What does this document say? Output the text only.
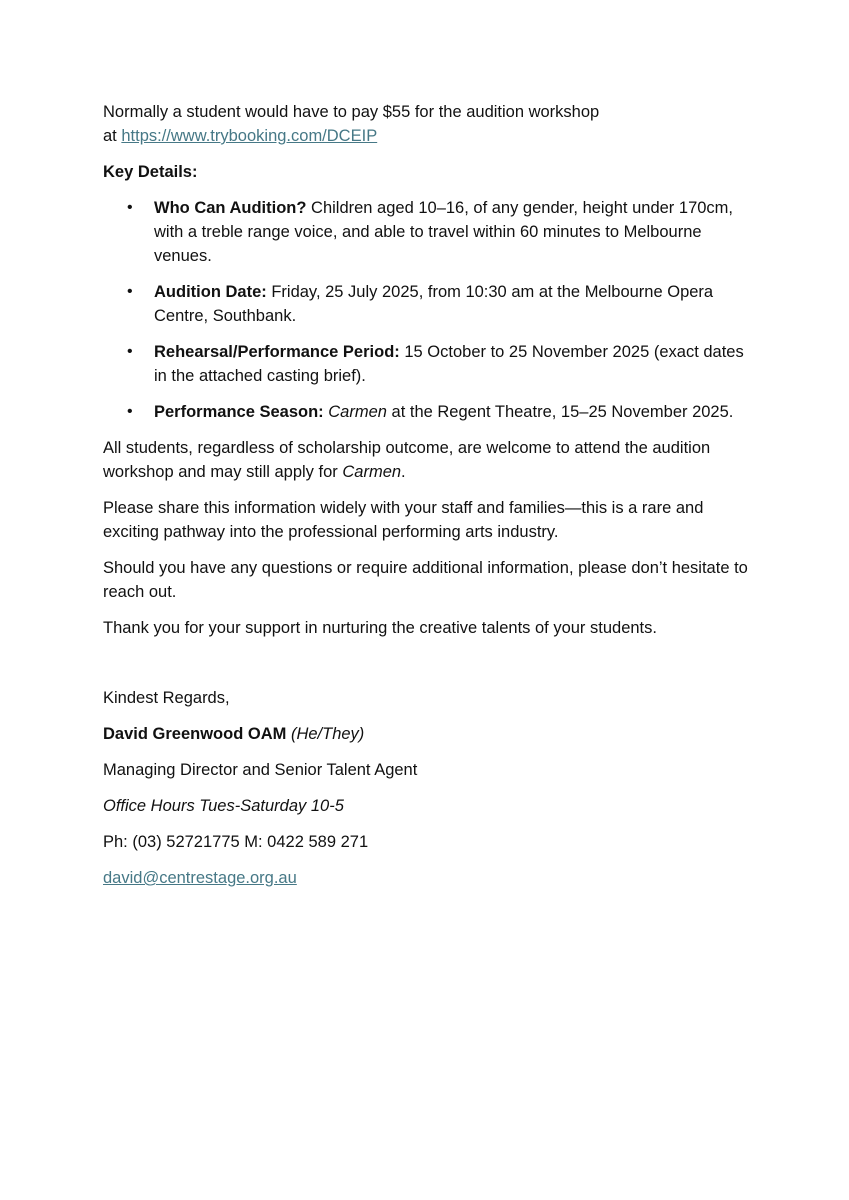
Normally a student would have to pay $55 for the audition workshop
at https://www.trybooking.com/DCEIP

Key Details:

• Who Can Audition? Children aged 10–16, of any gender, height under 170cm, with a treble range voice, and able to travel within 60 minutes to Melbourne venues.
• Audition Date: Friday, 25 July 2025, from 10:30 am at the Melbourne Opera Centre, Southbank.
• Rehearsal/Performance Period: 15 October to 25 November 2025 (exact dates in the attached casting brief).
• Performance Season: Carmen at the Regent Theatre, 15–25 November 2025.

All students, regardless of scholarship outcome, are welcome to attend the audition workshop and may still apply for Carmen.

Please share this information widely with your staff and families—this is a rare and exciting pathway into the professional performing arts industry.

Should you have any questions or require additional information, please don’t hesitate to reach out.

Thank you for your support in nurturing the creative talents of your students.

Kindest Regards,

David Greenwood OAM (He/They)

Managing Director and Senior Talent Agent

Office Hours Tues-Saturday 10-5

Ph: (03) 52721775 M: 0422 589 271

david@centrestage.org.au
